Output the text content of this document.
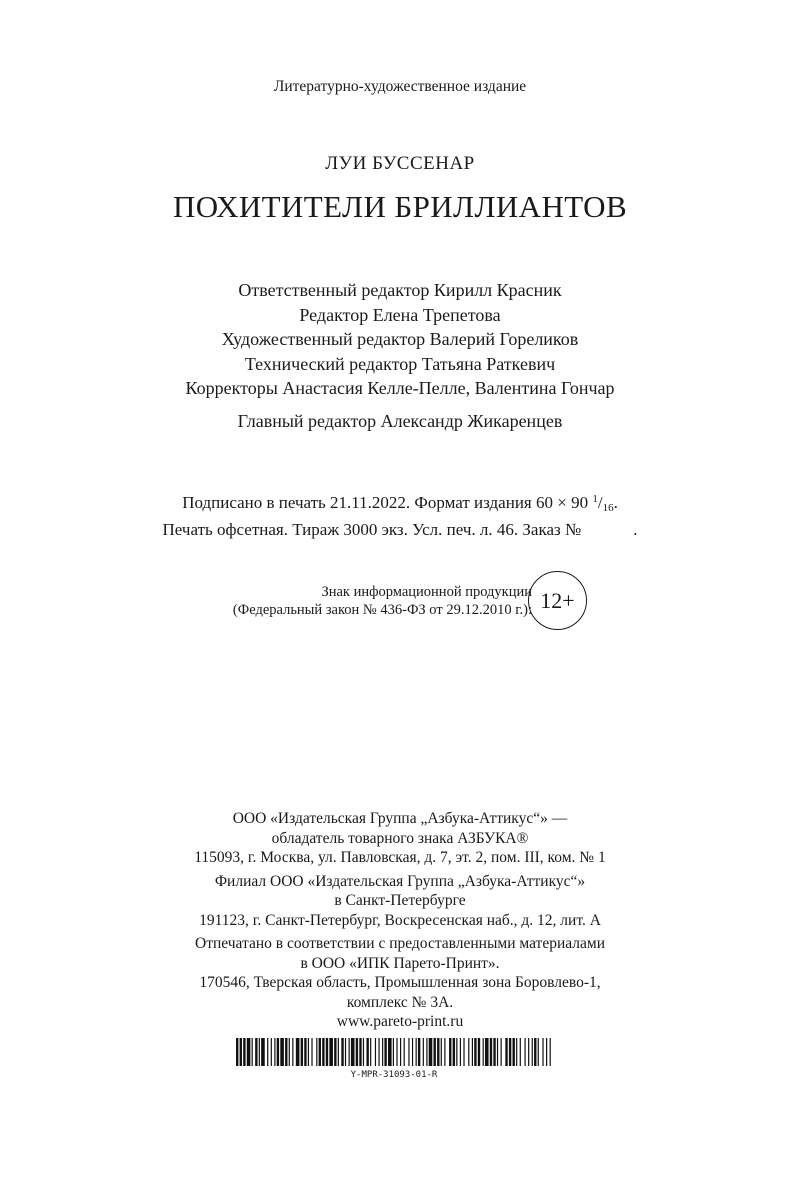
Литературно-художественное издание
ЛУИ БУССЕНАР
ПОХИТИТЕЛИ БРИЛЛИАНТОВ
Ответственный редактор Кирилл Красник
Редактор Елена Трепетова
Художественный редактор Валерий Гореликов
Технический редактор Татьяна Раткевич
Корректоры Анастасия Келле-Пелле, Валентина Гончар
Главный редактор Александр Жикаренцев
Подписано в печать 21.11.2022. Формат издания 60 × 90 $^1/_{16}$.
Печать офсетная. Тираж 3000 экз. Усл. печ. л. 46. Заказ №	.
Знак информационной продукции
(Федеральный закон № 436-ФЗ от 29.12.2010 г.): 12+
ООО «Издательская Группа „Азбука-Аттикус“» —
обладатель товарного знака АЗБУКА®
115093, г. Москва, ул. Павловская, д. 7, эт. 2, пом. III, ком. № 1
Филиал ООО «Издательская Группа „Азбука-Аттикус“»
в Санкт-Петербурге
191123, г. Санкт-Петербург, Воскресенская наб., д. 12, лит. А
Отпечатано в соответствии с предоставленными материалами
в ООО «ИПК Парето-Принт».
170546, Тверская область, Промышленная зона Боровлево-1,
комплекс № 3А.
www.pareto-print.ru
Y-MPR-31093-01-R
